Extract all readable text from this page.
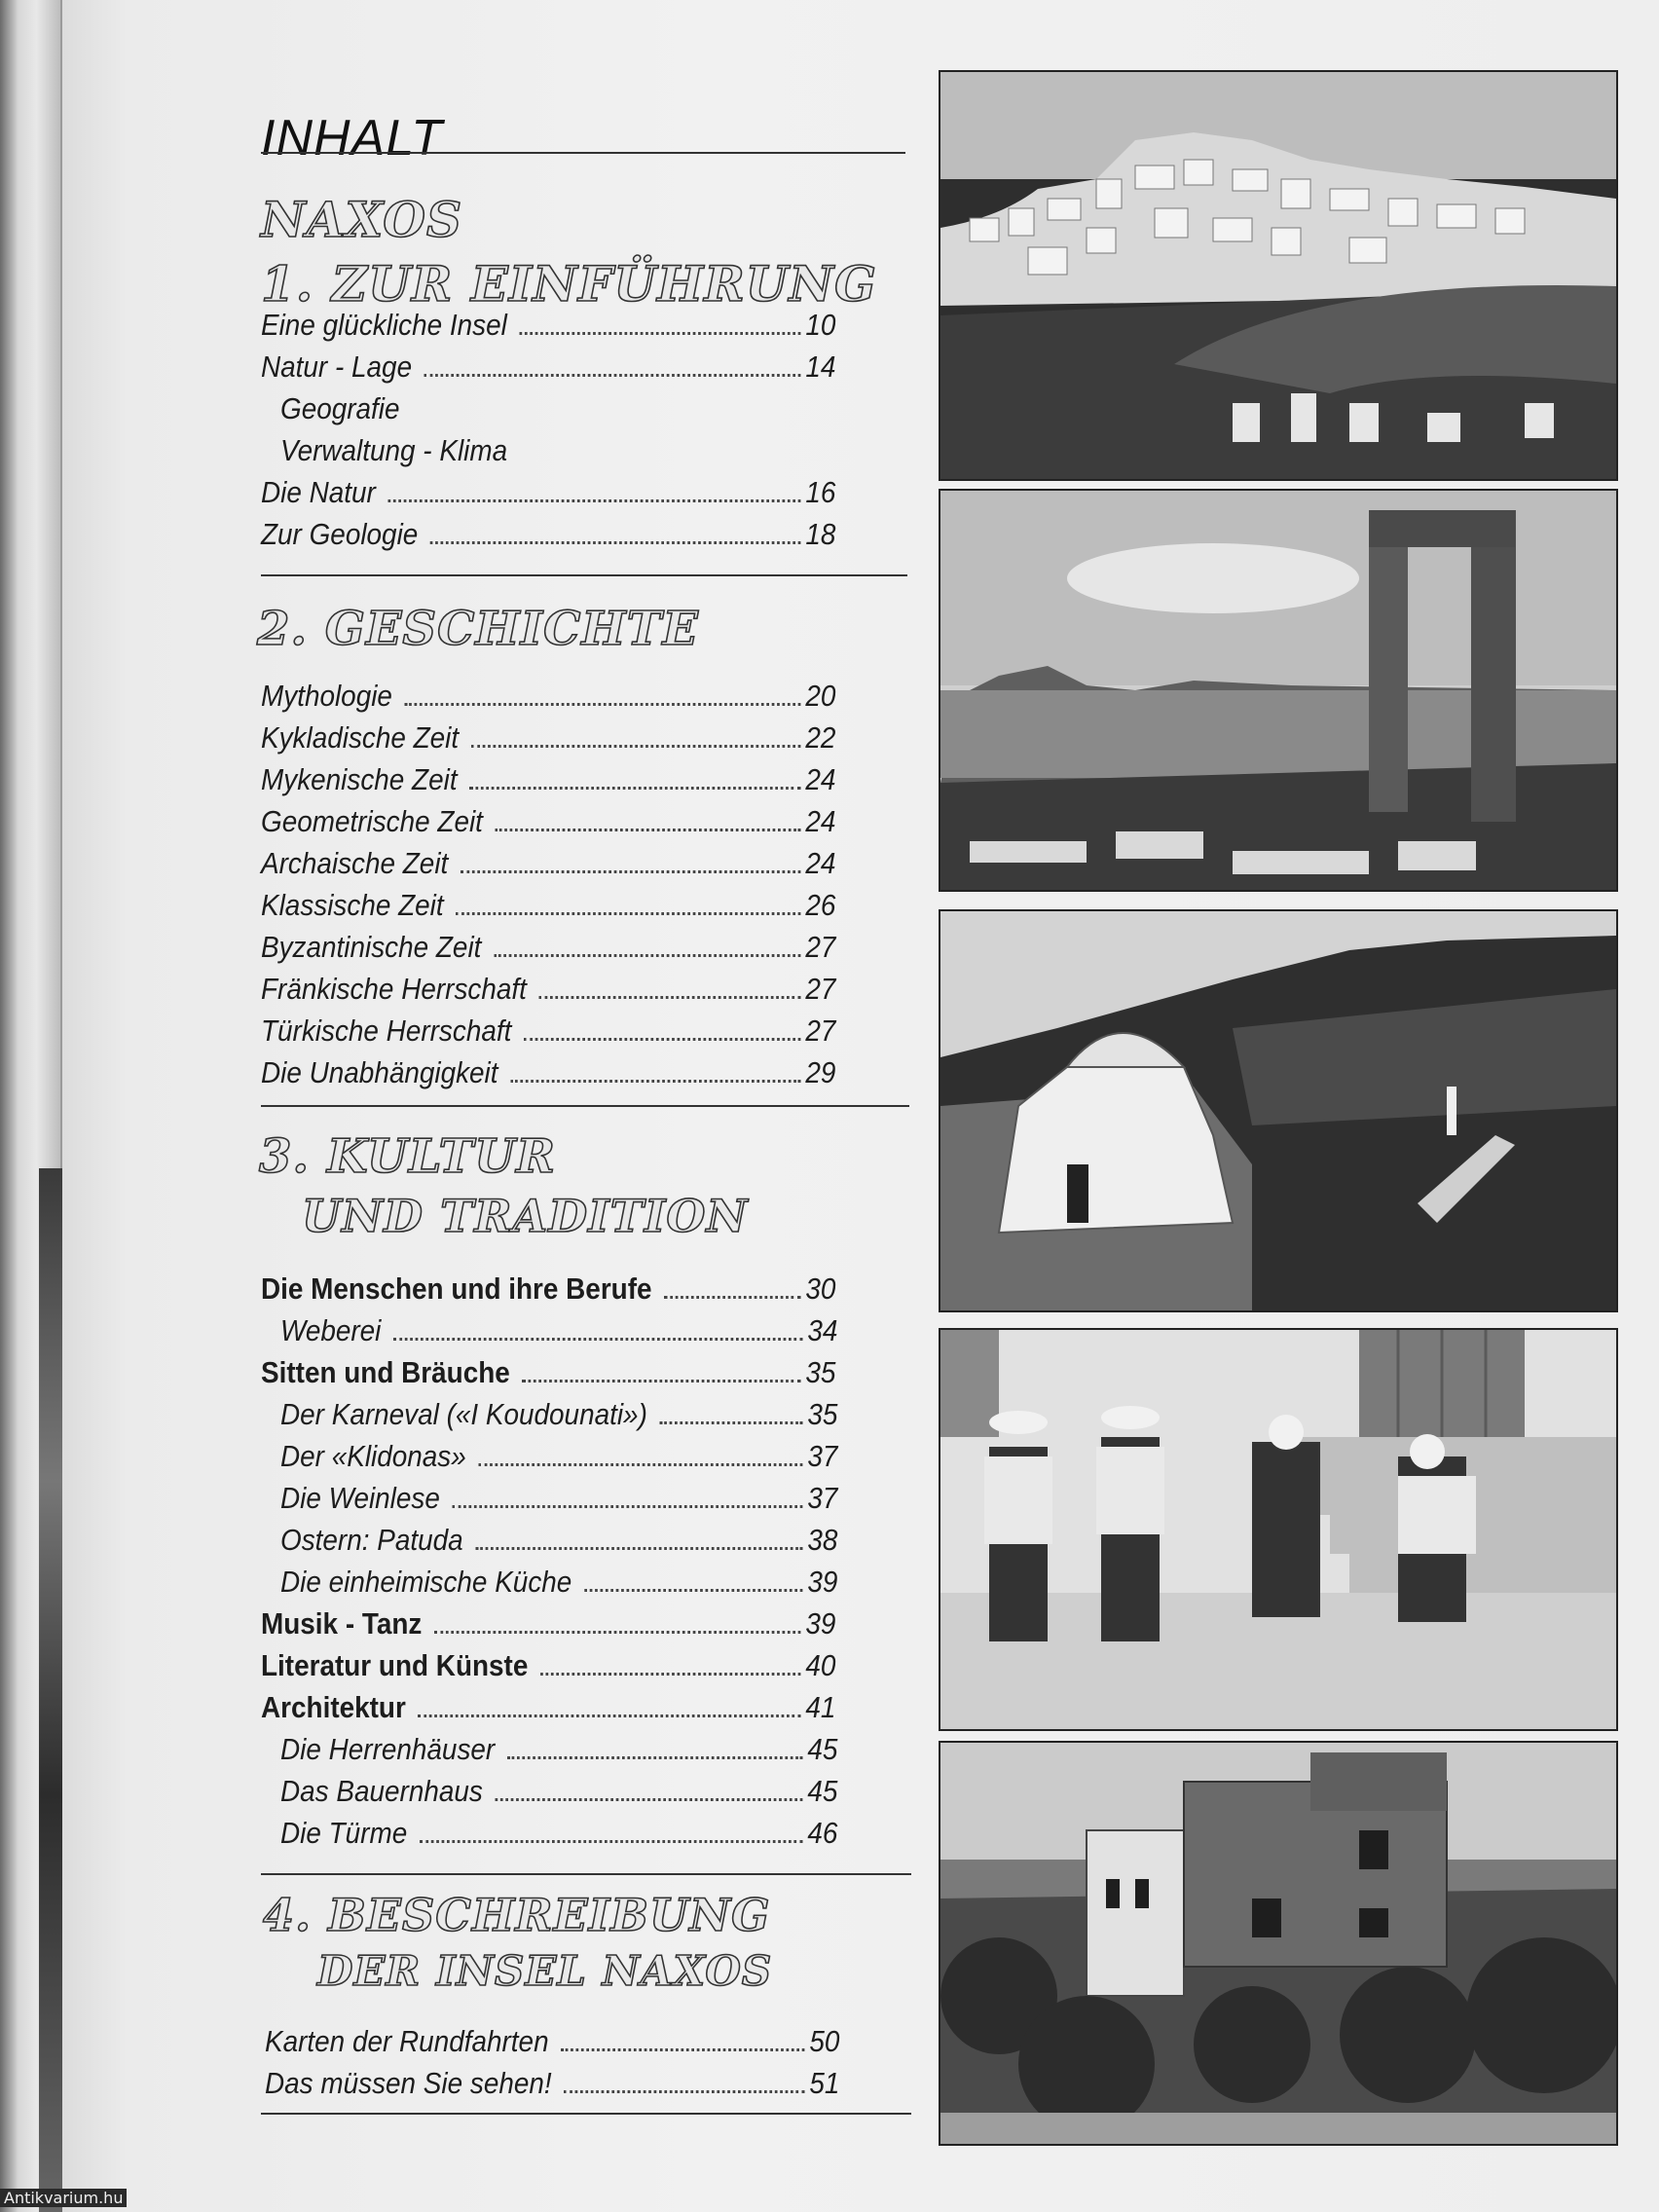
INHALT
NAXOS
1. ZUR EINFÜHRUNG
Eine glückliche Insel	10
Natur - Lage	14
Geografie
Verwaltung - Klima
Die Natur	16
Zur Geologie	18
2. GESCHICHTE
Mythologie	20
Kykladische Zeit	22
Mykenische Zeit	24
Geometrische Zeit	24
Archaische Zeit	24
Klassische Zeit	26
Byzantinische Zeit	27
Fränkische Herrschaft	27
Türkische Herrschaft	27
Die Unabhängigkeit	29
3. KULTUR
UND TRADITION
Die Menschen und ihre Berufe	30
Weberei	34
Sitten und Bräuche	35
Der Karneval («I Koudounati»)	35
Der «Klidonas»	37
Die Weinlese	37
Ostern: Patuda	38
Die einheimische Küche	39
Musik - Tanz	39
Literatur und Künste	40
Architektur	41
Die Herrenhäuser	45
Das Bauernhaus	45
Die Türme	46
4. BESCHREIBUNG
DER INSEL NAXOS
Karten der Rundfahrten	50
Das müssen Sie sehen!	51
Antikvarium.hu
